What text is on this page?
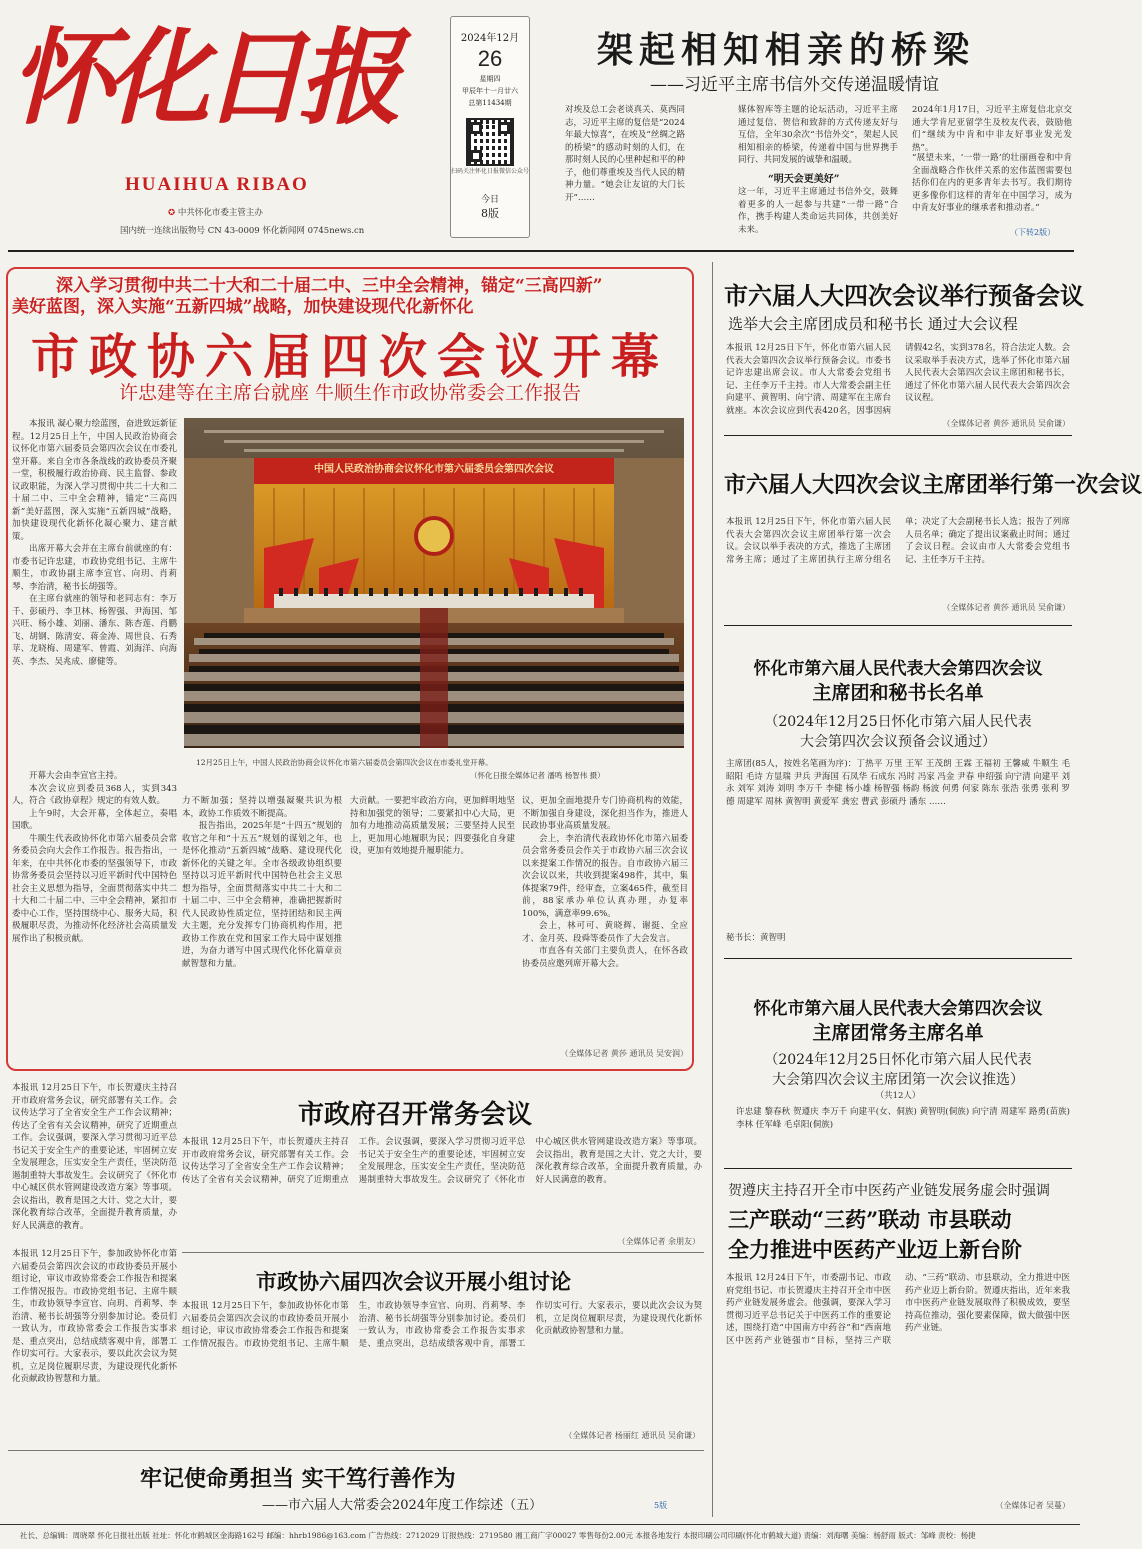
怀化日报
HUAIHUA RIBAO
✪ 中共怀化市委主管主办
国内统一连续出版物号 CN 43-0009 怀化新闻网 0745news.cn
2024年12月
26
星期四
甲辰年十一月廿六
总第11434期
扫码关注怀化日报微信公众号
今日
8版
架起相知相亲的桥梁
——习近平主席书信外交传递温暖情谊
对埃及总工会老谈真关、莫西同志，习近平主席的复信是“2024年最大惊喜”，在埃及“丝绸之路的桥梁”的感动时刻的人们，在那时刻人民的心里种起和平的种子，他们尊重埃及当代人民的精神力量。“她会让友谊的大门长开”……
媒体智库等主题的论坛活动，习近平主席通过复信、贺信和致辞的方式传递友好与互信，全年30余次“书信外交”，架起人民相知相亲的桥梁，传递着中国与世界携手同行、共同发展的诚挚和温暖。
“明天会更美好”
这一年，习近平主席通过书信外交，鼓舞着更多的人一起参与共建“一带一路”合作，携手构建人类命运共同体，共创美好未来。
2024年1月17日，习近平主席复信北京交通大学肯尼亚留学生及校友代表，鼓励他们“继续为中肯和中非友好事业发光发热”。
“展望未来，‘一带一路’的壮丽画卷和中肯全面战略合作伙伴关系的宏伟蓝图需要包括你们在内的更多青年去书写。我们期待更多像你们这样的青年在中国学习，成为中肯友好事业的继承者和推动者。”
（下转2版）
深入学习贯彻中共二十大和二十届二中、三中全会精神，锚定“三高四新”
美好蓝图，深入实施“五新四城”战略，加快建设现代化新怀化
市政协六届四次会议开幕
许忠建等在主席台就座 牛顺生作市政协常委会工作报告

本报讯 凝心聚力绘蓝图，奋进致远新征程。12月25日上午，中国人民政治协商会议怀化市第六届委员会第四次会议在市委礼堂开幕。来自全市各条战线的政协委员齐聚一堂，积极履行政治协商、民主监督、参政议政职能，为深入学习贯彻中共二十大和二十届二中、三中全会精神，锚定“三高四新”美好蓝图，深入实施“五新四城”战略，加快建设现代化新怀化凝心聚力、建言献策。

出席开幕大会并在主席台前就座的有：市委书记许忠建，市政协党组书记、主席牛顺生，市政协副主席李宣官、向玥、肖莉琴、李治清，秘书长胡强等。

在主席台就座的领导和老同志有：李万千、彭硕丹、李卫林、杨智强、尹海国、邹兴旺、杨小雄、刘丽、潘东、陈杏莲、肖鹏飞、胡钢、陈清安、蒋金涛、周世良、石秀苹、龙晓梅、周建军、曾霞、刘海洋、向海英、李杰、吴兆成、廖健等。

开幕大会由李宣官主持。

本次会议应到委员368人，实到343人，符合《政协章程》规定的有效人数。

上午9时，大会开幕，全体起立，奏唱国歌。

牛顺生代表政协怀化市第六届委员会常务委员会向大会作工作报告。报告指出，一年来，在中共怀化市委的坚强领导下，市政协常务委员会坚持以习近平新时代中国特色社会主义思想为指导，全面贯彻落实中共二十大和二十届二中、三中全会精神，紧扣市委中心工作，坚持围绕中心、服务大局，积极履职尽责，为推动怀化经济社会高质量发展作出了积极贡献。

力不断加强；坚持以增强凝聚共识为根本，政协工作质效不断提高。

报告指出，2025年是“十四五”规划的收官之年和“十五五”规划的谋划之年，也是怀化推动“五新四城”战略、建设现代化新怀化的关键之年。全市各级政协组织要坚持以习近平新时代中国特色社会主义思想为指导，全面贯彻落实中共二十大和二十届二中、三中全会精神，准确把握新时代人民政协性质定位，坚持团结和民主两大主题，充分发挥专门协商机构作用，把政协工作放在党和国家工作大局中谋划推进，为奋力谱写中国式现代化怀化篇章贡献智慧和力量。

大贡献。一要把牢政治方向，更加鲜明地坚持和加强党的领导；二要紧扣中心大局，更加有力地推动高质量发展；三要坚持人民至上，更加用心地履职为民；四要强化自身建设，更加有效地提升履职能力。

议，更加全面地提升专门协商机构的效能，不断加强自身建设，深化担当作为，推进人民政协事业高质量发展。

会上，李治清代表政协怀化市第六届委员会常务委员会作关于市政协六届三次会议以来提案工作情况的报告。自市政协六届三次会议以来，共收到提案498件，其中，集体提案79件，经审查，立案465件，截至目前，88家承办单位认真办理，办复率100%，满意率99.6%。

会上，林可可、黄晓辉、谢挺、全应才、金月英、段舜等委员作了大会发言。

市直各有关部门主要负责人，在怀各政协委员应邀列席开幕大会。

（全媒体记者 黄莎 通讯员 吴安润）
中国人民政治协商会议怀化市第六届委员会第四次会议
12月25日上午，中国人民政治协商会议怀化市第六届委员会第四次会议在市委礼堂开幕。
（怀化日报全媒体记者 潘鸣 杨智伟 摄）
市六届人大四次会议举行预备会议
选举大会主席团成员和秘书长 通过大会议程
本报讯 12月25日下午，怀化市第六届人民代表大会第四次会议举行预备会议。市委书记许忠建出席会议。市人大常委会党组书记、主任李万千主持。市人大常委会副主任向建平、黄智明、向宁清、周建军在主席台就座。本次会议应到代表420名，因事因病请假42名，实到378名，符合法定人数。会议采取举手表决方式，选举了怀化市第六届人民代表大会第四次会议主席团和秘书长，通过了怀化市第六届人民代表大会第四次会议议程。
（全媒体记者 黄莎 通讯员 吴俞谦）
市六届人大四次会议主席团举行第一次会议
本报讯 12月25日下午，怀化市第六届人民代表大会第四次会议主席团举行第一次会议。会议以举手表决的方式，推选了主席团常务主席；通过了主席团执行主席分组名单；决定了大会副秘书长人选；报告了列席人员名单；确定了提出议案截止时间；通过了会议日程。会议由市人大常委会党组书记、主任李万千主持。
（全媒体记者 黄莎 通讯员 吴俞谦）
怀化市第六届人民代表大会第四次会议
主席团和秘书长名单
（2024年12月25日怀化市第六届人民代表
大会第四次会议预备会议通过）
主席团(85人，按姓名笔画为序)：丁热平 万里 王军 王茂朗 王霖 王福初 王馨威 牛顺生 毛昭阳 毛诗 方显瑞 尹兵 尹海国 石凤华 石成东 冯时 冯家 冯金 尹春 申绍强 向宁清 向建平 刘永 刘军 刘涛 刘明 李万千 李健 杨小雄 杨智强 杨韵 杨波 何勇 何家 陈东 张浩 张勇 张利 罗德 周建军 周林 黄智明 黄爱军 龚宏 曹武 彭硕丹 潘东 ……
秘书长：黄智明
怀化市第六届人民代表大会第四次会议
主席团常务主席名单
（2024年12月25日怀化市第六届人民代表
大会第四次会议主席团第一次会议推选）
（共12人）
许忠建 黎春秋 贺遵庆 李万千 向建平(女、侗族) 黄智明(侗族) 向宁清 周建军 路勇(苗族) 李林 任军峰 毛卓阳(侗族)
贺遵庆主持召开全市中医药产业链发展务虚会时强调
三产联动“三药”联动 市县联动
全力推进中医药产业迈上新台阶
本报讯 12月24日下午，市委副书记、市政府党组书记、市长贺遵庆主持召开全市中医药产业链发展务虚会。他强调，要深入学习贯彻习近平总书记关于中医药工作的重要论述，围绕打造“中国南方中药谷”和“西南地区中医药产业链强市”目标，坚持三产联动、“三药”联动、市县联动，全力推进中医药产业迈上新台阶。贺遵庆指出，近年来我市中医药产业链发展取得了积极成效，要坚持高位推动，强化要素保障，做大做强中医药产业链。
（全媒体记者 吴蔓）
本报讯 12月25日下午，市长贺遵庆主持召开市政府常务会议，研究部署有关工作。会议传达学习了全省安全生产工作会议精神；传达了全省有关会议精神，研究了近期重点工作。会议强调，要深入学习贯彻习近平总书记关于安全生产的重要论述，牢固树立安全发展理念，压实安全生产责任，坚决防范遏制重特大事故发生。会议研究了《怀化市中心城区供水管网建设改造方案》等事项。会议指出，教育是国之大计、党之大计，要深化教育综合改革，全面提升教育质量，办好人民满意的教育。
市政府召开常务会议
本报讯 12月25日下午，市长贺遵庆主持召开市政府常务会议，研究部署有关工作。会议传达学习了全省安全生产工作会议精神；传达了全省有关会议精神，研究了近期重点工作。会议强调，要深入学习贯彻习近平总书记关于安全生产的重要论述，牢固树立安全发展理念，压实安全生产责任，坚决防范遏制重特大事故发生。会议研究了《怀化市中心城区供水管网建设改造方案》等事项。会议指出，教育是国之大计、党之大计，要深化教育综合改革，全面提升教育质量，办好人民满意的教育。
（全媒体记者 余朋友）
本报讯 12月25日下午，参加政协怀化市第六届委员会第四次会议的市政协委员开展小组讨论，审议市政协常委会工作报告和提案工作情况报告。市政协党组书记、主席牛顺生，市政协领导李宣官、向玥、肖莉琴、李治清、秘书长胡强等分别参加讨论。委员们一致认为，市政协常委会工作报告实事求是、重点突出，总结成绩客观中肯，部署工作切实可行。大家表示，要以此次会议为契机，立足岗位履职尽责，为建设现代化新怀化贡献政协智慧和力量。
市政协六届四次会议开展小组讨论
本报讯 12月25日下午，参加政协怀化市第六届委员会第四次会议的市政协委员开展小组讨论，审议市政协常委会工作报告和提案工作情况报告。市政协党组书记、主席牛顺生，市政协领导李宣官、向玥、肖莉琴、李治清、秘书长胡强等分别参加讨论。委员们一致认为，市政协常委会工作报告实事求是、重点突出，总结成绩客观中肯，部署工作切实可行。大家表示，要以此次会议为契机，立足岗位履职尽责，为建设现代化新怀化贡献政协智慧和力量。
（全媒体记者 杨丽红 通讯员 吴俞谦）
牢记使命勇担当 实干笃行善作为
——市六届人大常委会2024年度工作综述（五）	5版
社长、总编辑：周晓翠 怀化日报社出版 社址：怀化市鹤城区金海路162号 邮编：hhrb1986@163.com 广告热线：2712029 订报热线：2719580 湘工商广字00027 零售每份2.00元 本报各地发行 本报印刷公司印刷(怀化市鹤城大道) 责编：刘海曙 美编：杨舒雨 版式：邹峰 责校：杨捷
